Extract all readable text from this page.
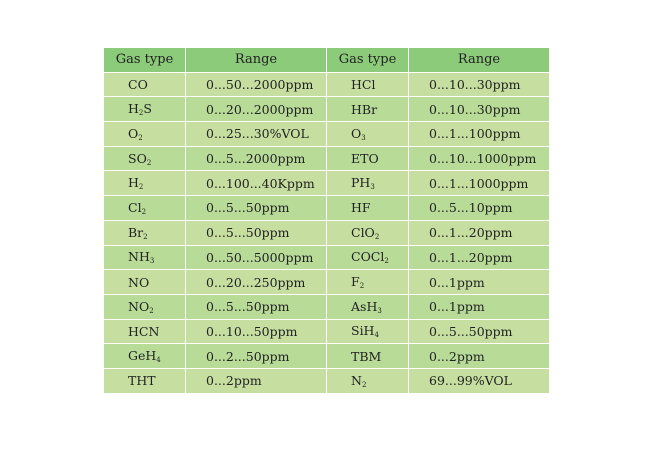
Gas type	Range	Gas type	Range
CO	0...50...2000ppm	HCl	0...10...30ppm
$H_2S$	0...20...2000ppm	HBr	0...10...30ppm
$O_2$	0...25...30%VOL	$O_3$	0...1...100ppm
$SO_2$	0...5...2000ppm	ETO	0...10...1000ppm
$H_2$	0...100...40Kppm	$PH_3$	0...1...1000ppm
$Cl_2$	0...5...50ppm	HF	0...5...10ppm
$Br_2$	0...5...50ppm	ClO$_2$	0...1...20ppm
$NH_3$	0...50...5000ppm	COCl$_2$	0...1...20ppm
NO	0...20...250ppm	$F_2$	0...1ppm
$NO_2$	0...5...50ppm	AsH$_3$	0...1ppm
HCN	0...10...50ppm	SiH$_4$	0...5...50ppm
GeH$_4$	0...2...50ppm	TBM	0...2ppm
THT	0...2ppm	$N_2$	69...99%VOL
